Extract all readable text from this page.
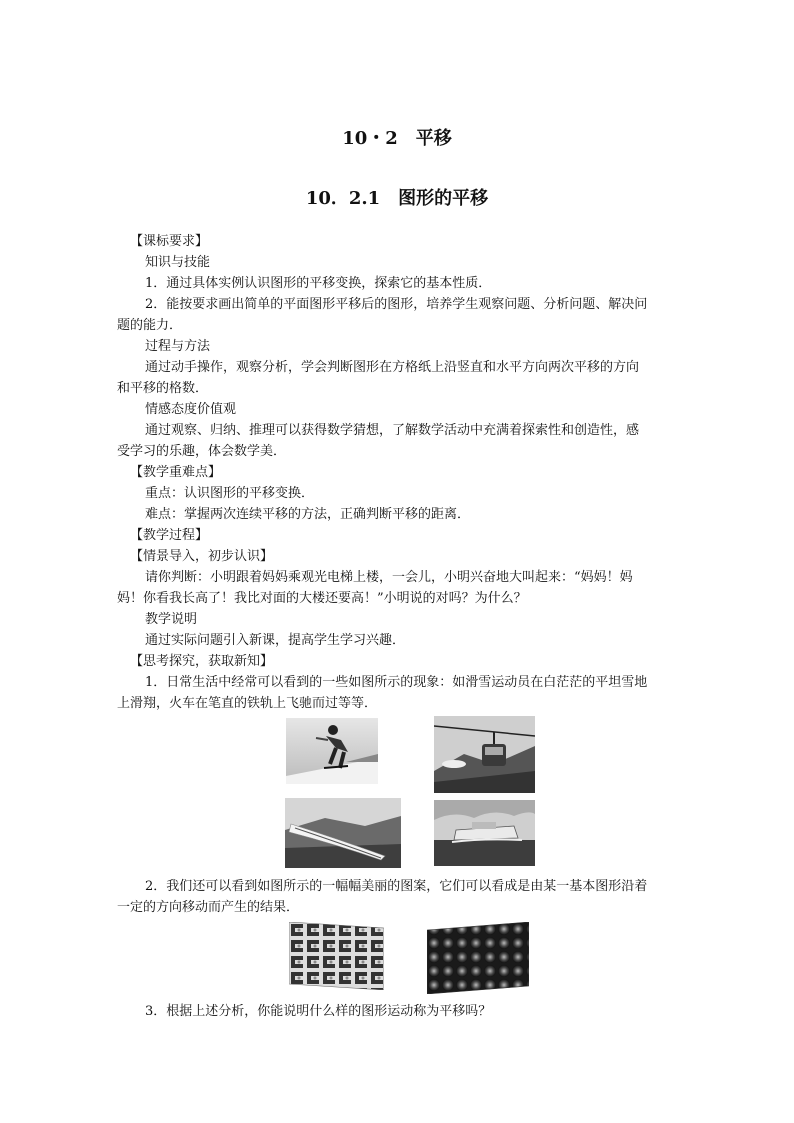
10・2　平移
10．2.1　图形的平移
【课标要求】
知识与技能
1．通过具体实例认识图形的平移变换，探索它的基本性质．
2．能按要求画出简单的平面图形平移后的图形，培养学生观察问题、分析问题、解决问
题的能力．
过程与方法
通过动手操作，观察分析，学会判断图形在方格纸上沿竖直和水平方向两次平移的方向
和平移的格数．
情感态度价值观
通过观察、归纳、推理可以获得数学猜想，了解数学活动中充满着探索性和创造性，感
受学习的乐趣，体会数学美．
【教学重难点】
重点：认识图形的平移变换．
难点：掌握两次连续平移的方法，正确判断平移的距离．
【教学过程】
【情景导入，初步认识】
请你判断：小明跟着妈妈乘观光电梯上楼，一会儿，小明兴奋地大叫起来：“妈妈！妈
妈！你看我长高了！我比对面的大楼还要高！”小明说的对吗？为什么？
教学说明
通过实际问题引入新课，提高学生学习兴趣．
【思考探究，获取新知】
1．日常生活中经常可以看到的一些如图所示的现象：如滑雪运动员在白茫茫的平坦雪地
上滑翔，火车在笔直的铁轨上飞驰而过等等．
2．我们还可以看到如图所示的一幅幅美丽的图案，它们可以看成是由某一基本图形沿着
一定的方向移动而产生的结果．
3．根据上述分析，你能说明什么样的图形运动称为平移吗？
